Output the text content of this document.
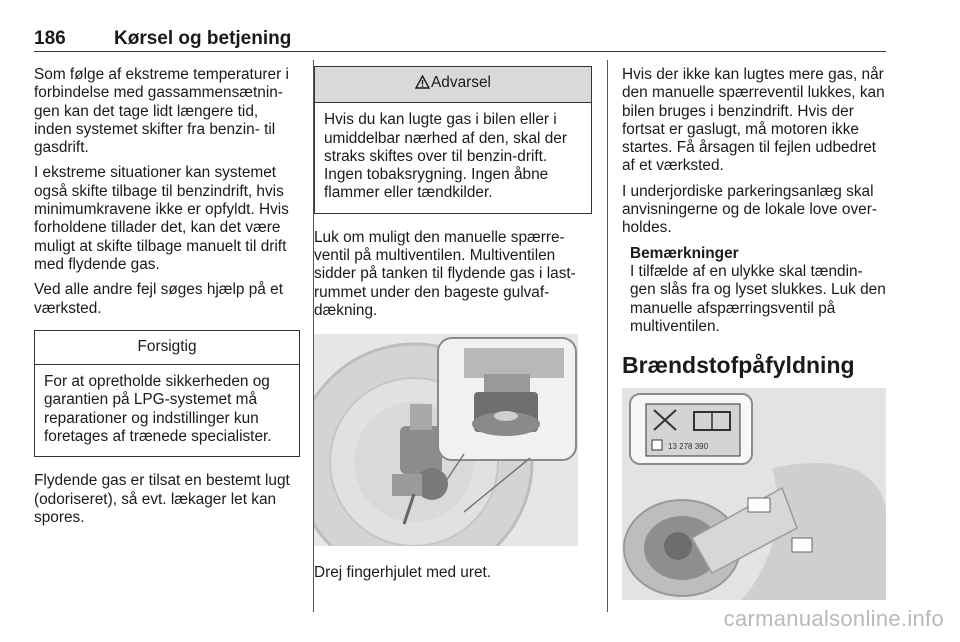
186	Kørsel og betjening

Som følge af ekstreme temperaturer i forbindelse med gassammensætnin-gen kan det tage lidt længere tid, inden systemet skifter fra benzin- til gasdrift.

I ekstreme situationer kan systemet også skifte tilbage til benzindrift, hvis minimumkravene ikke er opfyldt. Hvis forholdene tillader det, kan det være muligt at skifte tilbage manuelt til drift med flydende gas.

Ved alle andre fejl søges hjælp på et værksted.

Forsigtig
For at opretholde sikkerheden og garantien på LPG-systemet må reparationer og indstillinger kun foretages af trænede specialister.

Flydende gas er tilsat en bestemt lugt (odoriseret), så evt. lækager let kan spores.

Advarsel
Hvis du kan lugte gas i bilen eller i umiddelbar nærhed af den, skal der straks skiftes over til benzin-drift. Ingen tobaksrygning. Ingen åbne flammer eller tændkilder.

Luk om muligt den manuelle spærre-ventil på multiventilen. Multiventilen sidder på tanken til flydende gas i last-rummet under den bageste gulvaf-dækning.

Drej fingerhjulet med uret.

Hvis der ikke kan lugtes mere gas, når den manuelle spærreventil lukkes, kan bilen bruges i benzindrift. Hvis der fortsat er gaslugt, må motoren ikke startes. Få årsagen til fejlen udbedret af et værksted.

I underjordiske parkeringsanlæg skal anvisningerne og de lokale love over-holdes.

Bemærkninger
I tilfælde af en ulykke skal tændin-gen slås fra og lyset slukkes. Luk den manuelle afspærringsventil på multiventilen.
Brændstofpåfyldning
13 278 390
carmanualsonline.info
